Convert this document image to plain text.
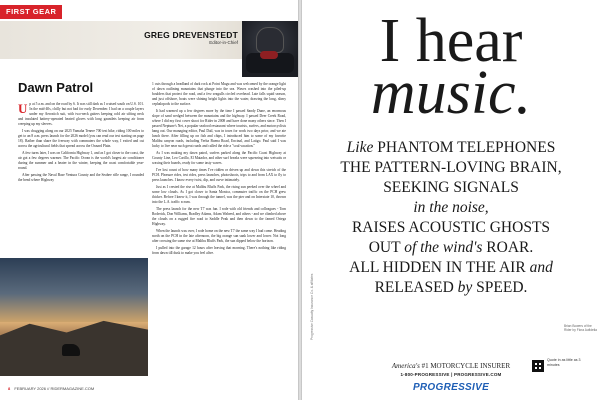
FIRST GEAR
GREG DREVENSTEDT
Editor-in-Chief
Dawn Patrol
U p at 5 a.m. and on the road by 6. It was still dark as I cruised south on U.S. 101. In the mid-40s, chilly but not bad for early December. I had on a couple layers under my Aerostich suit, with two-neck gaiters keeping cold air sifting neck and insulated battery-operated heated gloves with long gauntlets keeping air from creeping up my sleeves.

I was chugging along on our 2025 Yamaha Tenere 700 test bike, riding 100 miles to get to an 8 a.m. press launch for the 2026 model (you can read our test starting on page 18). Rather than share the freeway with commuters the whole way, I exited and cut across the agricultural fields that spread across the Oxnard Plain.

A few turns later, I was on California Highway 1, and as I got closer to the coast, the air got a few degrees warmer. The Pacific Ocean is the world's largest air conditioner during the summer and a heater in the winter, keeping the coast comfortable year-round.

After passing the Naval Base Ventura County and the Seabee rifle range, I rounded the bend where Highway

1 cuts through a headland of dark rock at Point Mugu and was welcomed by the orange light of dawn outlining mountains that plunge into the sea. Waves crashed into the piled-up boulders that protect the road, and a few seagulls circled overhead. Late falls squid season, and just offshore, boats were shining bright lights into the water, drawing the long, slimy cephalopods to the surface.

It had warmed up a few degrees more by the time I passed Sandy Dune, an enormous slope of sand wedged between the mountains and the highway. I passed Deer Creek Road, where I did my first cover shoot for Rider in 2008 and have done many others since. Then I passed Neptune's Net, a popular seafood restaurant where tourists, surfers, and motorcyclists hang out. Our managing editor, Paul Dail, was in town for work two days prior, and we ate lunch there. After filling up on fish and chips, I introduced him to some of my favorite Malibu canyon roads, including Yerba Buena Road, Encinal, and Latigo. Paul said I was lucky to live near such great roads and called the ride a "soul vacation."

As I was making my dawn patrol, surfers parked along the Pacific Coast Highway at County Line, Leo Carillo, El Matador, and other surf breaks were squeezing into wetsuits or waxing their boards, ready for some tasty waves.

I've lost count of how many times I've ridden or driven up and down this stretch of the PCH. Pleasure rides, test rides, press launches, photoshoots, trips to and from LAX to fly to press launches. I know every twist, dip, and curve intimately.

Just as I crested the rise at Malibu Bluffs Park, the rising sun peeked over the wheel and some low clouds. As I got closer to Santa Monica, commuter traffic on the PCH grew thicker. Before I knew it, I was through the tunnel, was the pier and on Interstate 10, thrown into the L.A. traffic scrum.

The press launch for the new T7 was fun. I rode with old friends and colleagues - Tom Roderick, Don Williams, Bradley Adams, Adam Waheed, and others - and we climbed above the clouds on a rugged fire road to Saddle Peak and then down to the famed Ortega Highway.

When the launch was over, I rode home on the new T7 the same way I had come. Heading north on the PCH in the late afternoon, the big orange sun sank lower and lower. Not long after crossing the same rise at Malibu Bluffs Park, the sun dipped below the horizon.

I pulled into the garage 12 hours after leaving that morning. There's nothing like riding from dawn till dusk to make you feel alive.

8 FEBRUARY 2026 // RIDERMAGAZINE.COM
I hear
music.
Like PHANTOM TELEPHONES
THE PATTERN-LOVING BRAIN,
SEEKING SIGNALS
in the noise,
RAISES ACOUSTIC GHOSTS
OUT of the wind's ROAR.
ALL HIDDEN IN THE AIR and
RELEASED by SPEED.
Brian Bowers of the Rider by Flora Aufidelia
Progressive Casualty Insurance Co. & affiliates
America's #1 MOTORCYCLE INSURER
1-800-PROGRESSIVE | PROGRESSIVE.COM
PROGRESSIVE
Quote in as little as 3 minutes
